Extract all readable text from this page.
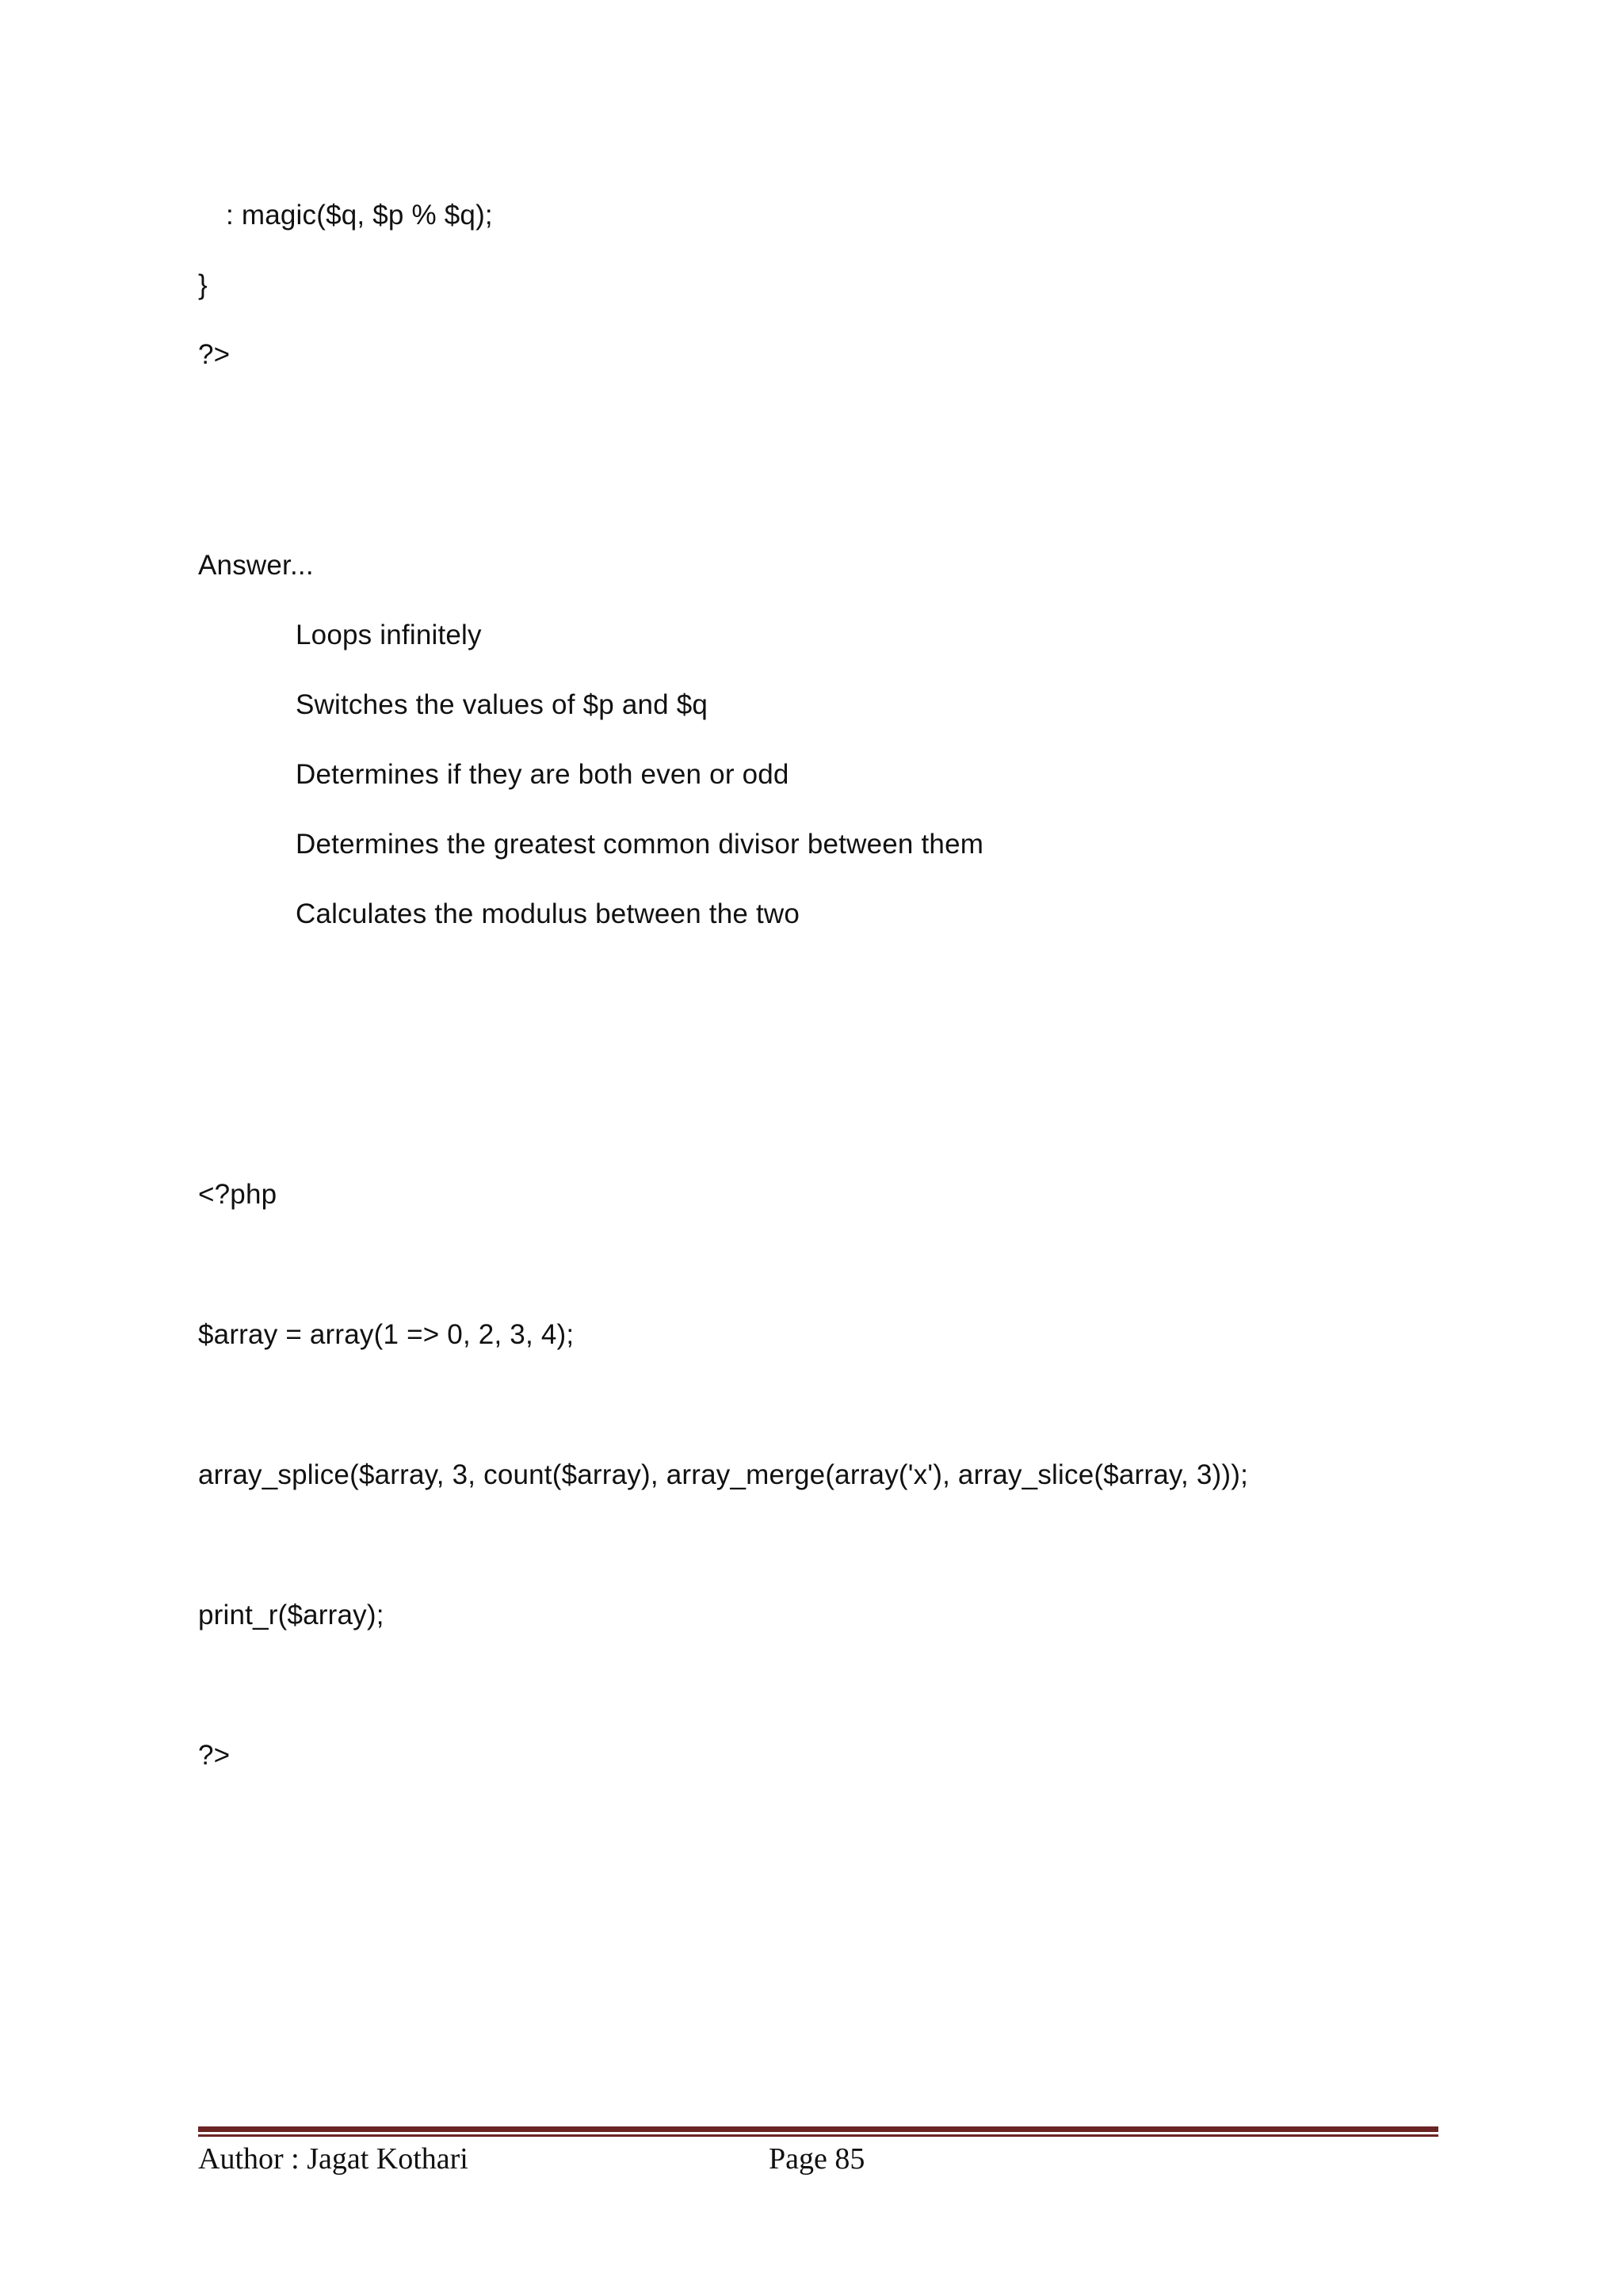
: magic($q, $p % $q);
}
?>
Answer...
Loops infinitely
Switches the values of $p and $q
Determines if they are both even or odd
Determines the greatest common divisor between them
Calculates the modulus between the two
<?php
$array = array(1 => 0, 2, 3, 4);
array_splice($array, 3, count($array), array_merge(array('x'), array_slice($array, 3)));
print_r($array);
?>
Author : Jagat Kothari	Page 85
